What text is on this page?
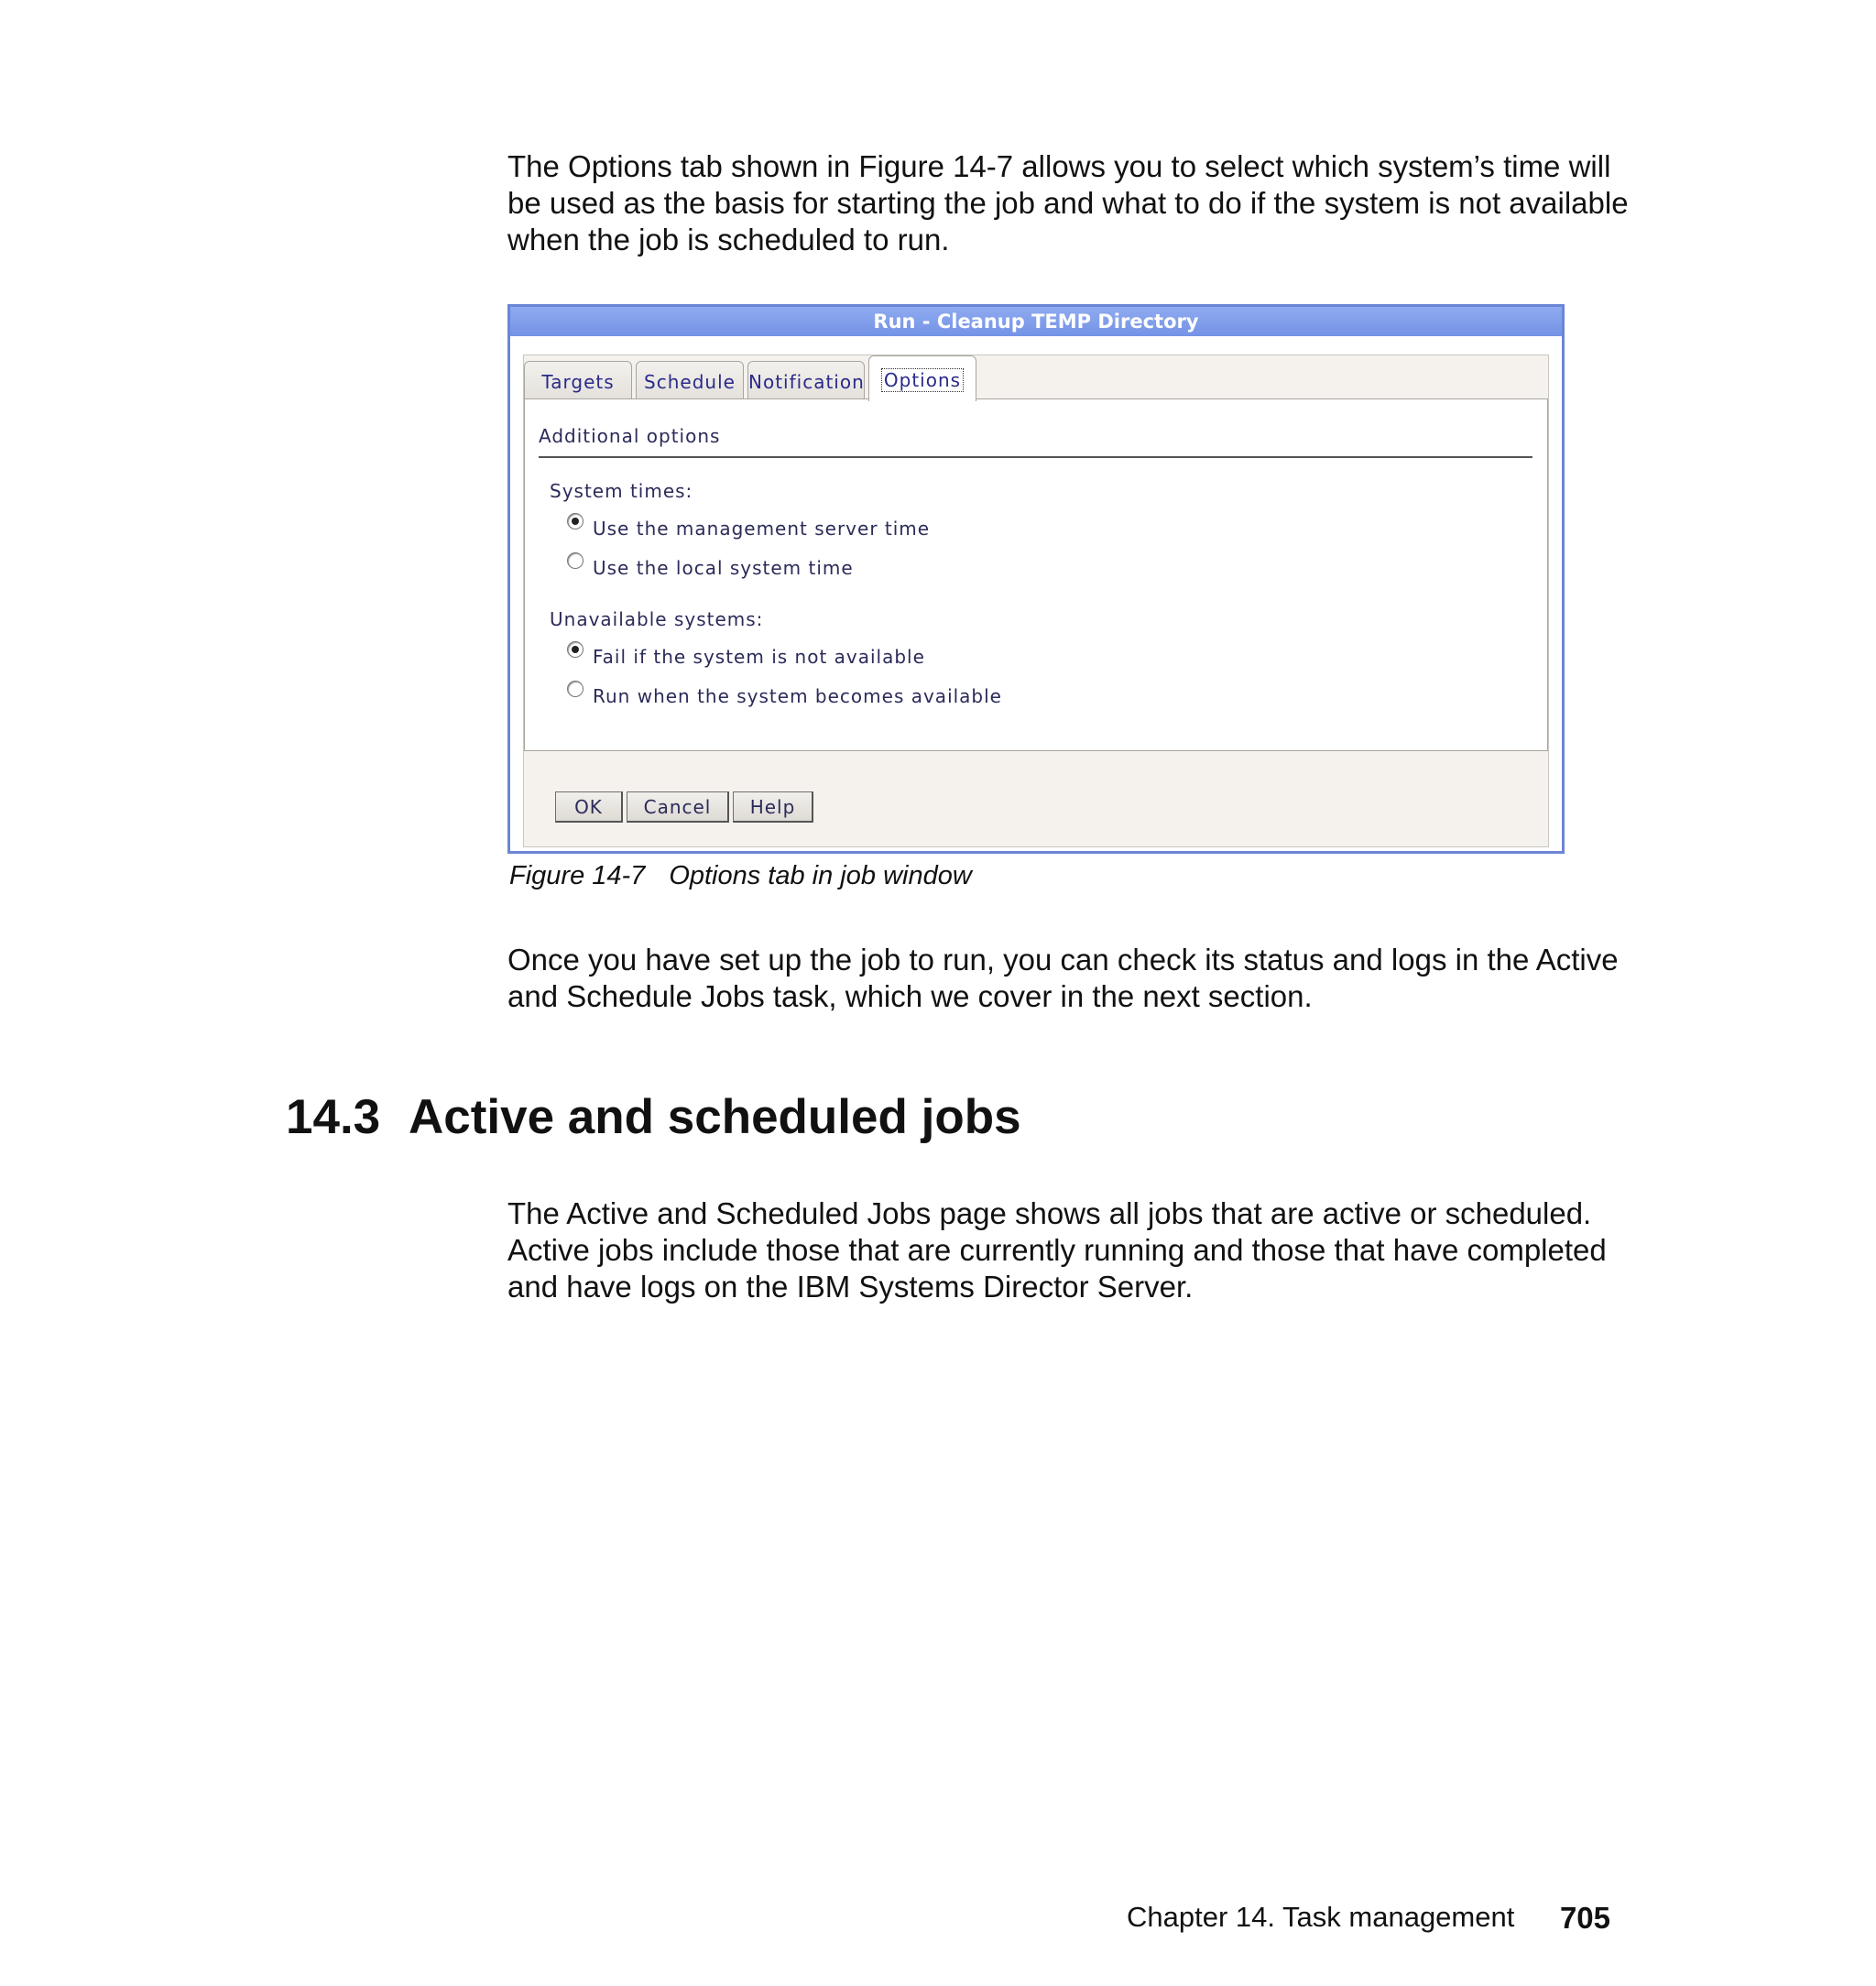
The Options tab shown in Figure 14-7 allows you to select which system’s time will be used as the basis for starting the job and what to do if the system is not available when the job is scheduled to run.

Run - Cleanup TEMP Directory
Targets	Schedule Notification	Options
Additional options
System times:
Use the management server time
Use the local system time
Unavailable systems:
Fail if the system is not available
Run when the system becomes available
OK	Cancel	Help

Figure 14-7 Options tab in job window

Once you have set up the job to run, you can check its status and logs in the Active and Schedule Jobs task, which we cover in the next section.

14.3 Active and scheduled jobs

The Active and Scheduled Jobs page shows all jobs that are active or scheduled. Active jobs include those that are currently running and those that have completed and have logs on the IBM Systems Director Server.

Chapter 14. Task management 705
